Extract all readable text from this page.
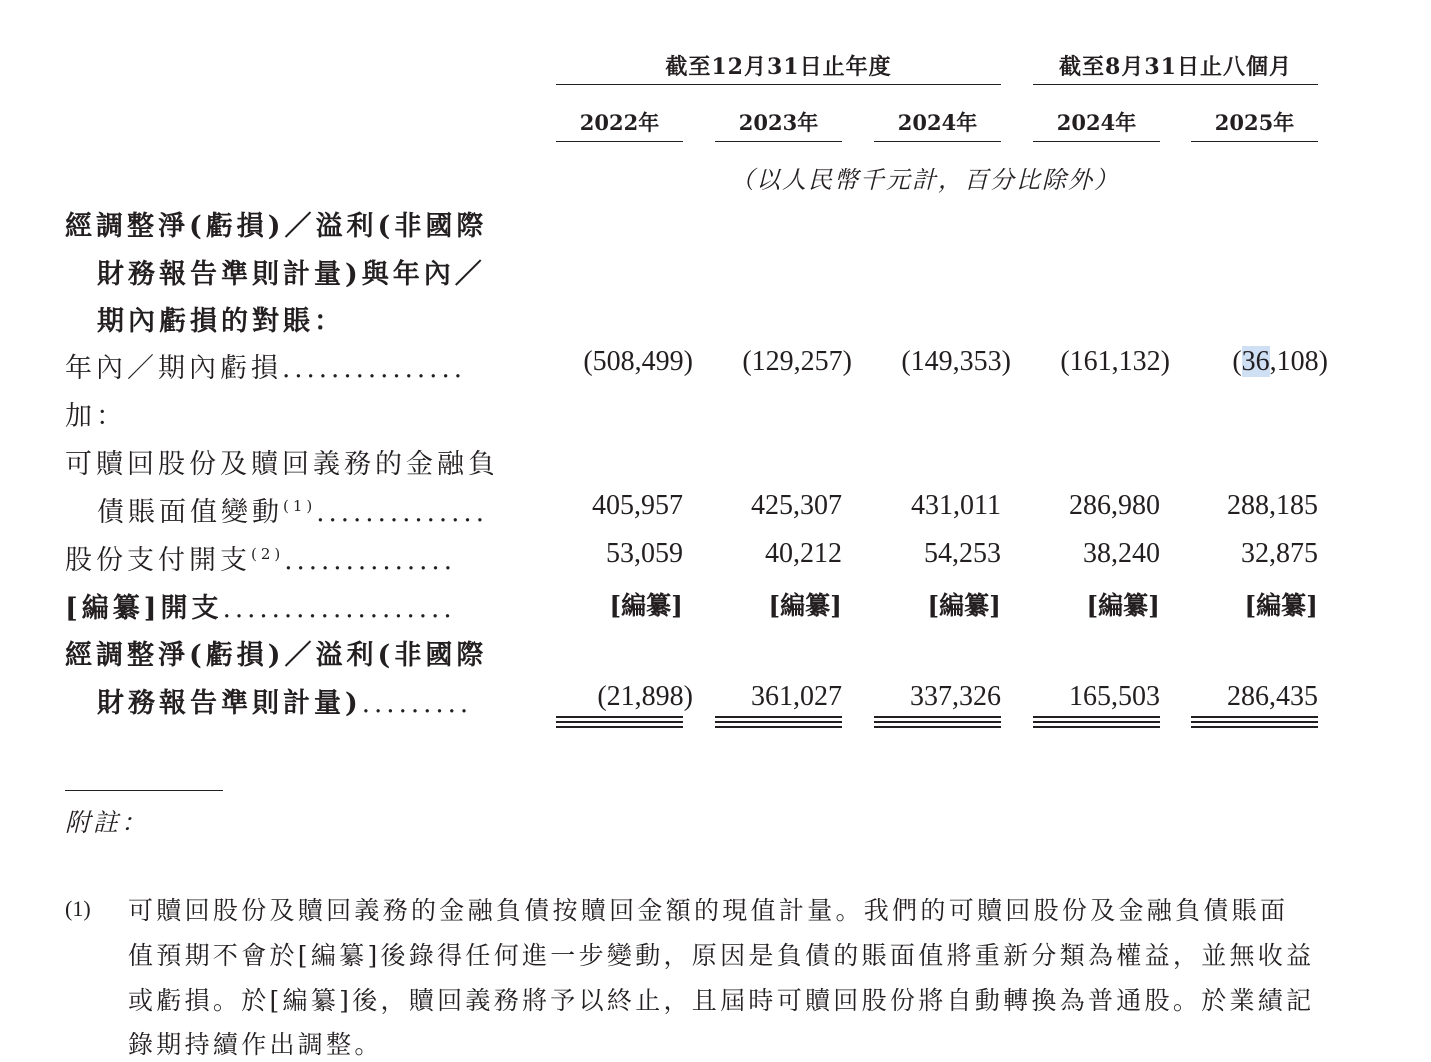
截至12月31日止年度	截至8月31日止八個月
2022年	2023年	2024年	2024年	2025年
（以人民幣千元計，百分比除外）
經調整淨(虧損)／溢利(非國際
財務報告準則計量)與年內／
期內虧損的對賬：
年內／期內虧損...............	(508,499)	(129,257)	(149,353)	(161,132)	(36,108)
加：
可贖回股份及贖回義務的金融負
債賬面值變動$^{(1)}$..............	405,957	425,307	431,011	286,980	288,185
股份支付開支$^{(2)}$..............	53,059	40,212	54,253	38,240	32,875
[編纂]開支...................	[編纂]	[編纂]	[編纂]	[編纂]	[編纂]
經調整淨(虧損)／溢利(非國際
財務報告準則計量).........	(21,898)	361,027	337,326	165,503	286,435
附註：
(1) 可贖回股份及贖回義務的金融負債按贖回金額的現值計量。我們的可贖回股份及金融負債賬面
值預期不會於[編纂]後錄得任何進一步變動，原因是負債的賬面值將重新分類為權益，並無收益
或虧損。於[編纂]後，贖回義務將予以終止，且屆時可贖回股份將自動轉換為普通股。於業績記
錄期持續作出調整。
